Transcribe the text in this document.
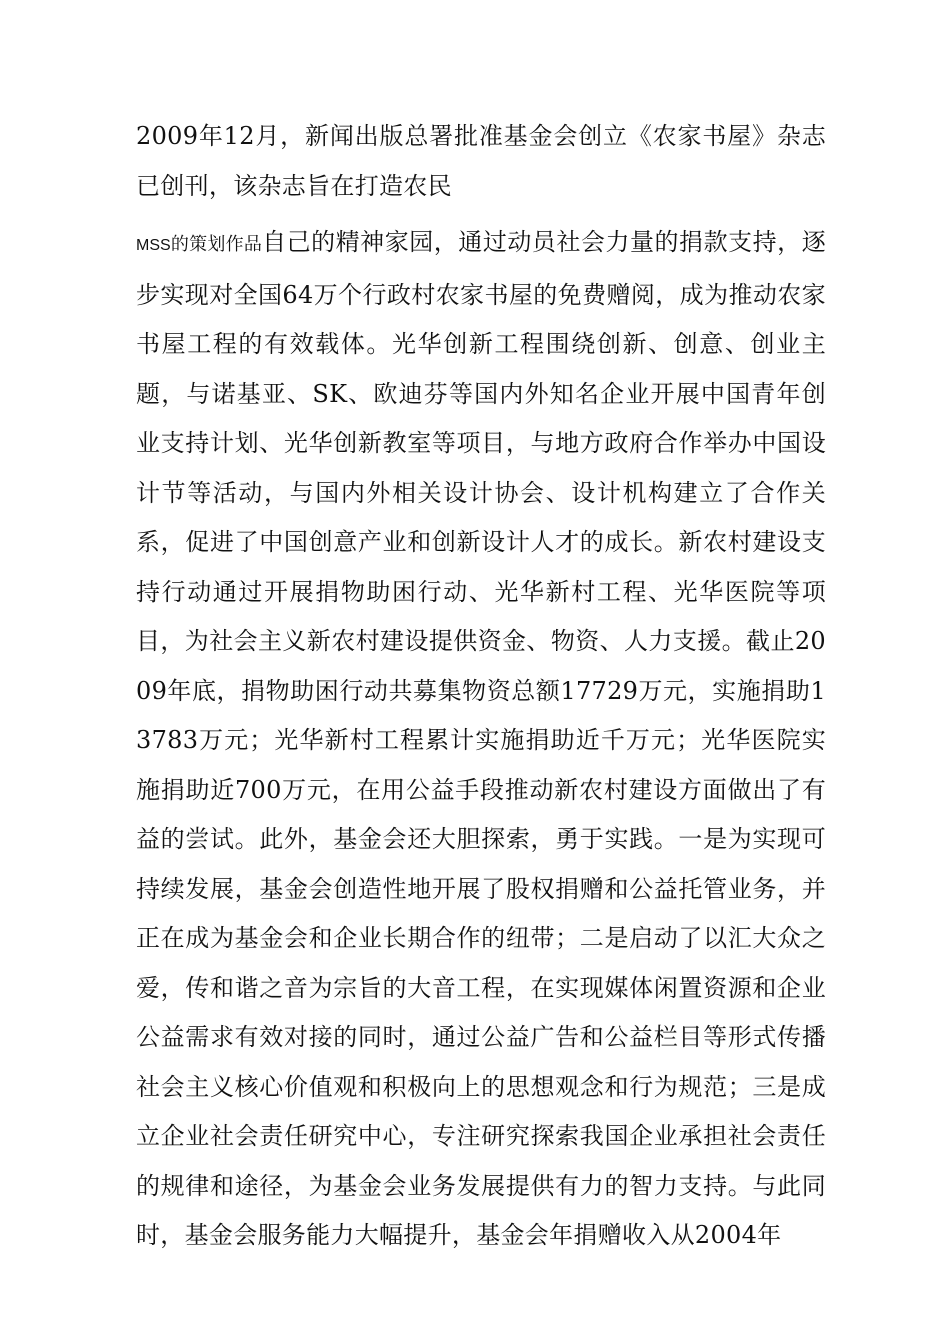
2009年12月，新闻出版总署批准基金会创立《农家书屋》杂志已创刊，该杂志旨在打造农民

MSS的策划作品自己的精神家园，通过动员社会力量的捐款支持，逐步实现对全国64万个行政村农家书屋的免费赠阅，成为推动农家书屋工程的有效载体。光华创新工程围绕创新、创意、创业主题，与诺基亚、SK、欧迪芬等国内外知名企业开展中国青年创业支持计划、光华创新教室等项目，与地方政府合作举办中国设计节等活动，与国内外相关设计协会、设计机构建立了合作关系，促进了中国创意产业和创新设计人才的成长。新农村建设支持行动通过开展捐物助困行动、光华新村工程、光华医院等项目，为社会主义新农村建设提供资金、物资、人力支援。截止2009年底，捐物助困行动共募集物资总额17729万元，实施捐助13783万元；光华新村工程累计实施捐助近千万元；光华医院实施捐助近700万元，在用公益手段推动新农村建设方面做出了有益的尝试。此外，基金会还大胆探索，勇于实践。一是为实现可持续发展，基金会创造性地开展了股权捐赠和公益托管业务，并正在成为基金会和企业长期合作的纽带；二是启动了以汇大众之爱，传和谐之音为宗旨的大音工程，在实现媒体闲置资源和企业公益需求有效对接的同时，通过公益广告和公益栏目等形式传播社会主义核心价值观和积极向上的思想观念和行为规范；三是成立企业社会责任研究中心，专注研究探索我国企业承担社会责任的规律和途径，为基金会业务发展提供有力的智力支持。与此同时，基金会服务能力大幅提升，基金会年捐赠收入从2004年
